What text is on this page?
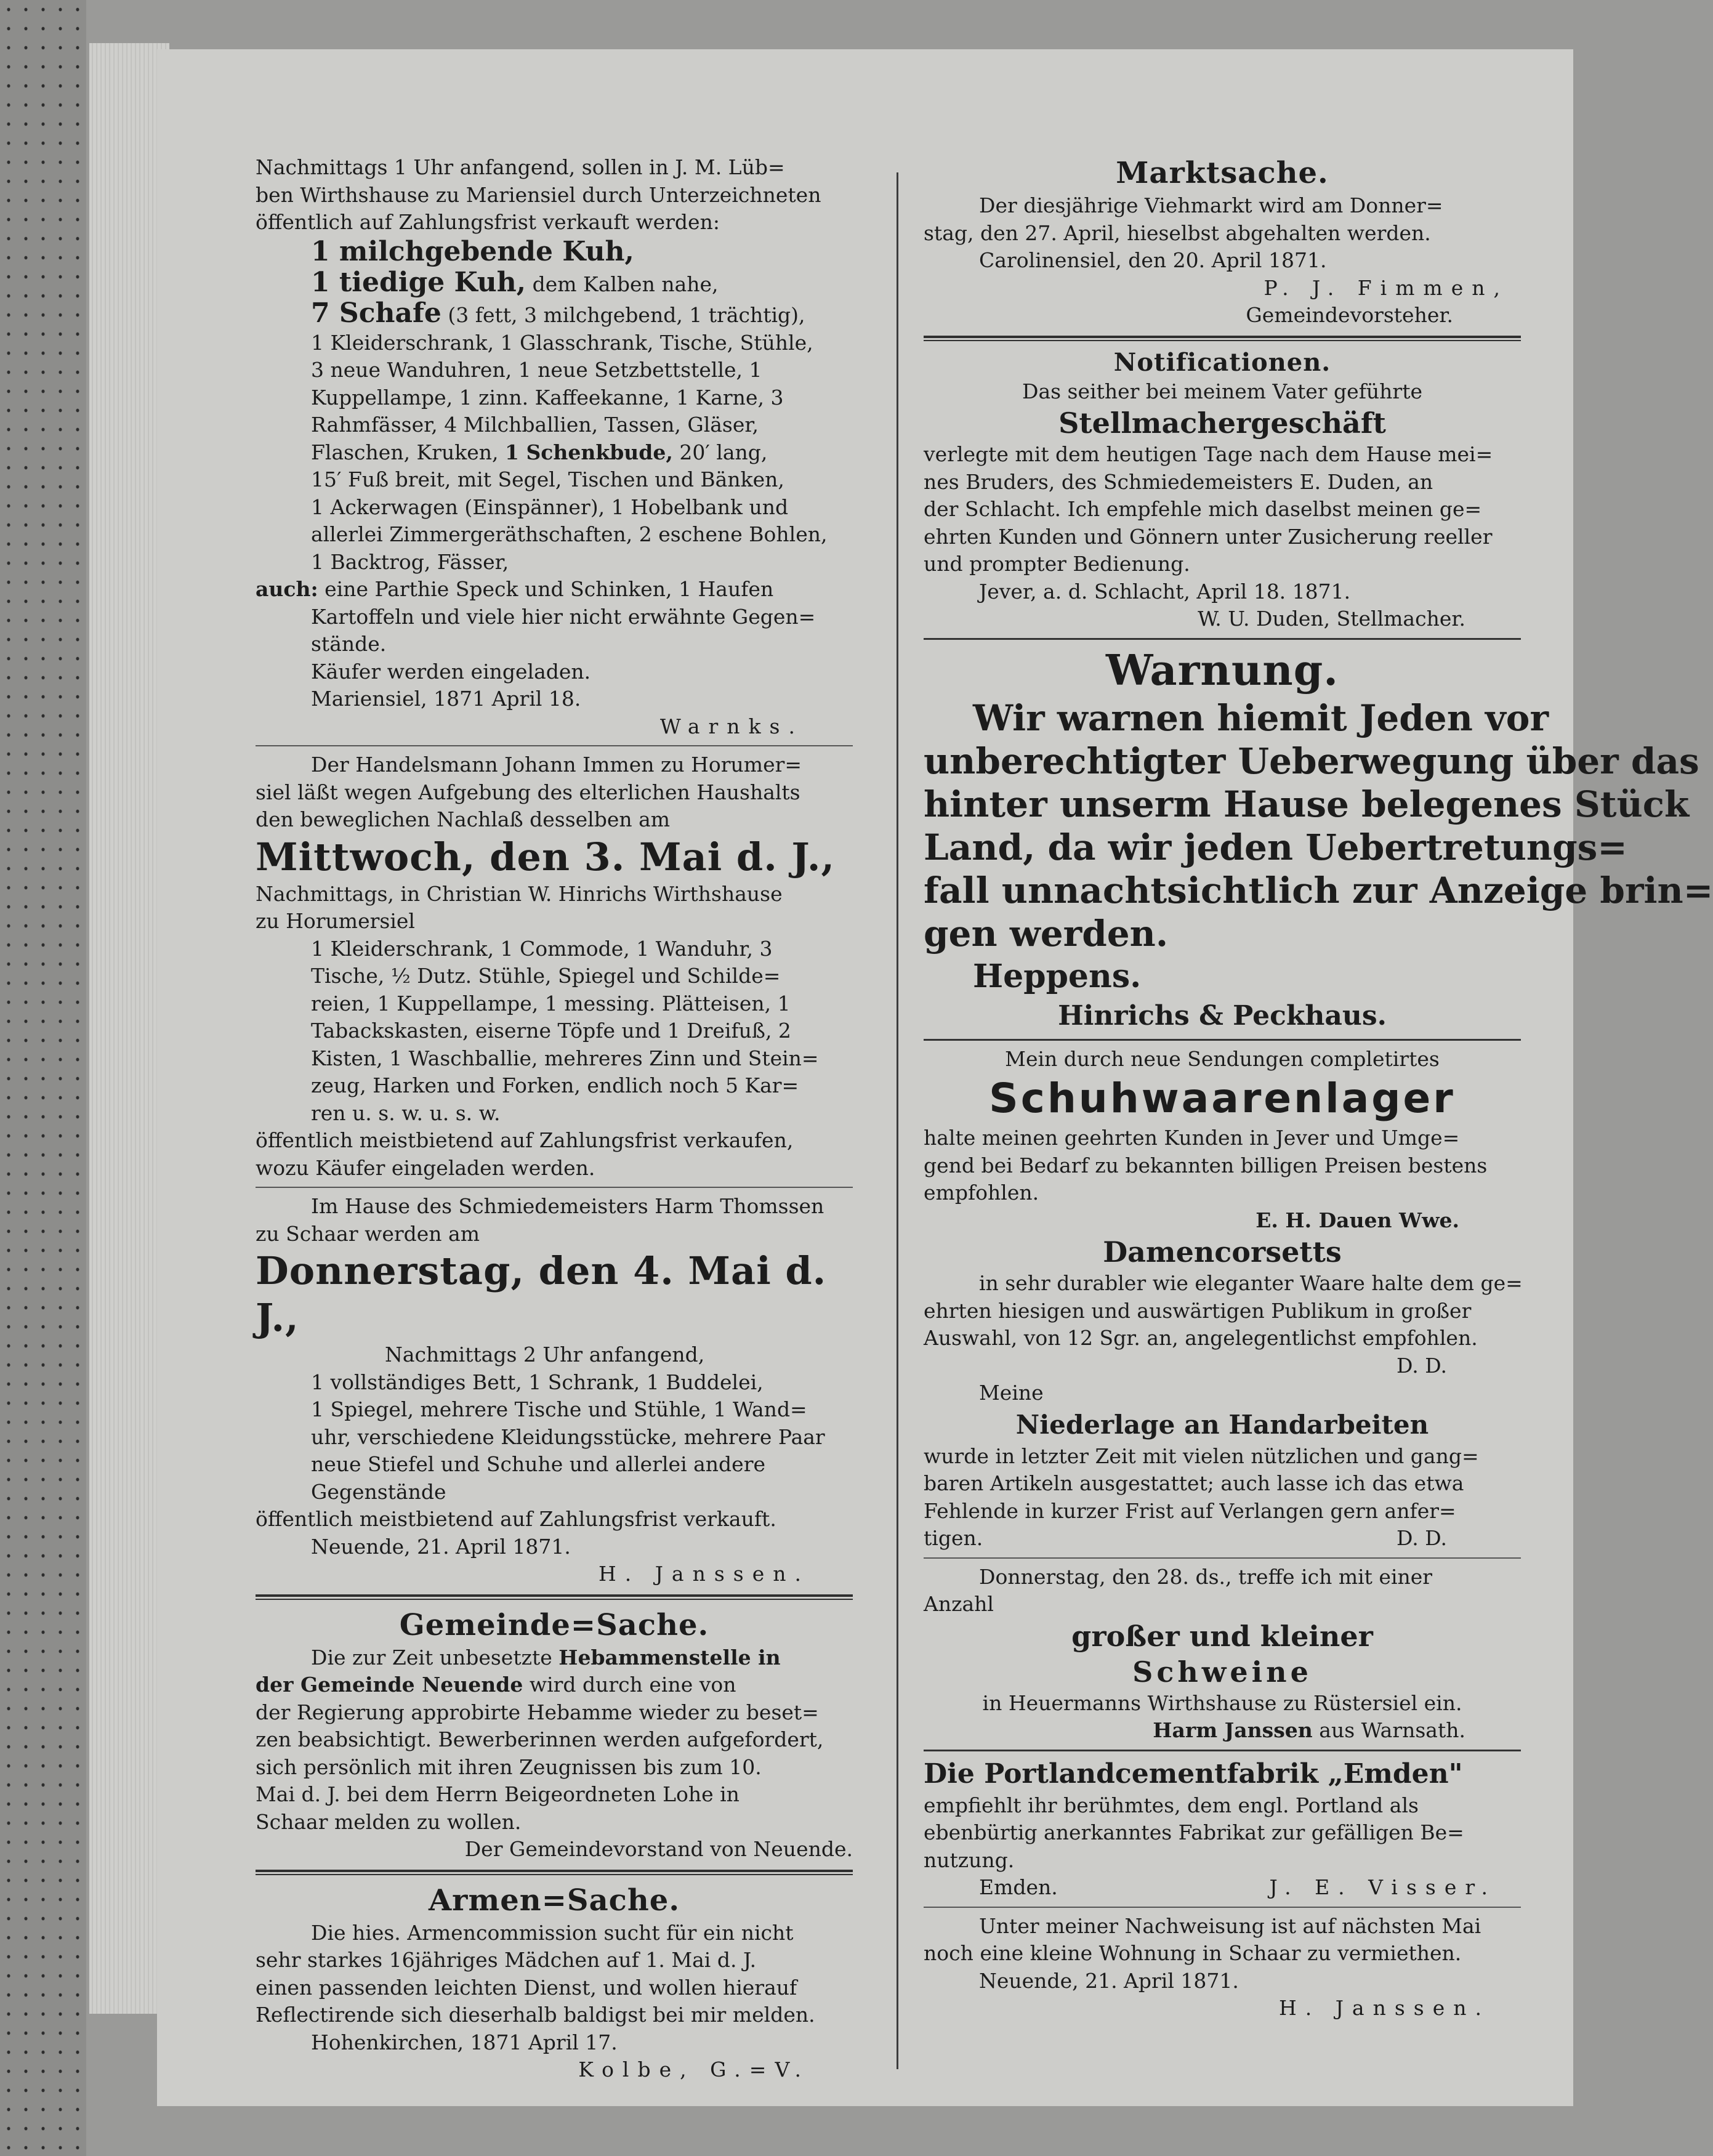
Nachmittags 1 Uhr anfangend, sollen in J. M. Lüb=
ben Wirthshause zu Mariensiel durch Unterzeichneten
öffentlich auf Zahlungsfrist verkauft werden:
1 milchgebende Kuh,
1 tiedige Kuh, dem Kalben nahe,
7 Schafe (3 fett, 3 milchgebend, 1 trächtig),
1 Kleiderschrank, 1 Glasschrank, Tische, Stühle,
3 neue Wanduhren, 1 neue Setzbettstelle, 1
Kuppellampe, 1 zinn. Kaffeekanne, 1 Karne, 3
Rahmfässer, 4 Milchballien, Tassen, Gläser,
Flaschen, Kruken, 1 Schenkbude, 20′ lang,
15′ Fuß breit, mit Segel, Tischen und Bänken,
1 Ackerwagen (Einspänner), 1 Hobelbank und
allerlei Zimmergeräthschaften, 2 eschene Bohlen,
1 Backtrog, Fässer,
auch: eine Parthie Speck und Schinken, 1 Haufen
Kartoffeln und viele hier nicht erwähnte Gegen=
stände.
Käufer werden eingeladen.
Mariensiel, 1871 April 18.
Warnks.
Der Handelsmann Johann Immen zu Horumer=
siel läßt wegen Aufgebung des elterlichen Haushalts
den beweglichen Nachlaß desselben am
Mittwoch, den 3. Mai d. J.,
Nachmittags, in Christian W. Hinrichs Wirthshause
zu Horumersiel
1 Kleiderschrank, 1 Commode, 1 Wanduhr, 3
Tische, ½ Dutz. Stühle, Spiegel und Schilde=
reien, 1 Kuppellampe, 1 messing. Plätteisen, 1
Tabackskasten, eiserne Töpfe und 1 Dreifuß, 2
Kisten, 1 Waschballie, mehreres Zinn und Stein=
zeug, Harken und Forken, endlich noch 5 Kar=
ren u. s. w. u. s. w.
öffentlich meistbietend auf Zahlungsfrist verkaufen,
wozu Käufer eingeladen werden.
Im Hause des Schmiedemeisters Harm Thomssen
zu Schaar werden am
Donnerstag, den 4. Mai d. J.,
Nachmittags 2 Uhr anfangend,
1 vollständiges Bett, 1 Schrank, 1 Buddelei,
1 Spiegel, mehrere Tische und Stühle, 1 Wand=
uhr, verschiedene Kleidungsstücke, mehrere Paar
neue Stiefel und Schuhe und allerlei andere
Gegenstände
öffentlich meistbietend auf Zahlungsfrist verkauft.
Neuende, 21. April 1871.
H. Janssen.
Gemeinde=Sache.
Die zur Zeit unbesetzte Hebammenstelle in
der Gemeinde Neuende wird durch eine von
der Regierung approbirte Hebamme wieder zu beset=
zen beabsichtigt. Bewerberinnen werden aufgefordert,
sich persönlich mit ihren Zeugnissen bis zum 10.
Mai d. J. bei dem Herrn Beigeordneten Lohe in
Schaar melden zu wollen.
Der Gemeindevorstand von Neuende.
Armen=Sache.
Die hies. Armencommission sucht für ein nicht
sehr starkes 16jähriges Mädchen auf 1. Mai d. J.
einen passenden leichten Dienst, und wollen hierauf
Reflectirende sich dieserhalb baldigst bei mir melden.
Hohenkirchen, 1871 April 17.
Kolbe, G.=V.
Marktsache.
Der diesjährige Viehmarkt wird am Donner=
stag, den 27. April, hieselbst abgehalten werden.
Carolinensiel, den 20. April 1871.
P. J. Fimmen,
Gemeindevorsteher.
Notificationen.
Das seither bei meinem Vater geführte
Stellmachergeschäft
verlegte mit dem heutigen Tage nach dem Hause mei=
nes Bruders, des Schmiedemeisters E. Duden, an
der Schlacht. Ich empfehle mich daselbst meinen ge=
ehrten Kunden und Gönnern unter Zusicherung reeller
und prompter Bedienung.
Jever, a. d. Schlacht, April 18. 1871.
W. U. Duden, Stellmacher.
Warnung.
Wir warnen hiemit Jeden vor
unberechtigter Ueberwegung über das
hinter unserm Hause belegenes Stück
Land, da wir jeden Uebertretungs=
fall unnachtsichtlich zur Anzeige brin=
gen werden.
Heppens.
Hinrichs & Peckhaus.
Mein durch neue Sendungen completirtes
Schuhwaarenlager
halte meinen geehrten Kunden in Jever und Umge=
gend bei Bedarf zu bekannten billigen Preisen bestens
empfohlen.
E. H. Dauen Wwe.
Damencorsetts
in sehr durabler wie eleganter Waare halte dem ge=
ehrten hiesigen und auswärtigen Publikum in großer
Auswahl, von 12 Sgr. an, angelegentlichst empfohlen.
D. D.
Meine
Niederlage an Handarbeiten
wurde in letzter Zeit mit vielen nützlichen und gang=
baren Artikeln ausgestattet; auch lasse ich das etwa
Fehlende in kurzer Frist auf Verlangen gern anfer=
tigen.	D. D.
Donnerstag, den 28. ds., treffe ich mit einer
Anzahl
großer und kleiner
Schweine
in Heuermanns Wirthshause zu Rüstersiel ein.
Harm Janssen aus Warnsath.
Die Portlandcementfabrik „Emden"
empfiehlt ihr berühmtes, dem engl. Portland als
ebenbürtig anerkanntes Fabrikat zur gefälligen Be=
nutzung.
Emden.	J. E. Visser.
Unter meiner Nachweisung ist auf nächsten Mai
noch eine kleine Wohnung in Schaar zu vermiethen.
Neuende, 21. April 1871.
H. Janssen.
